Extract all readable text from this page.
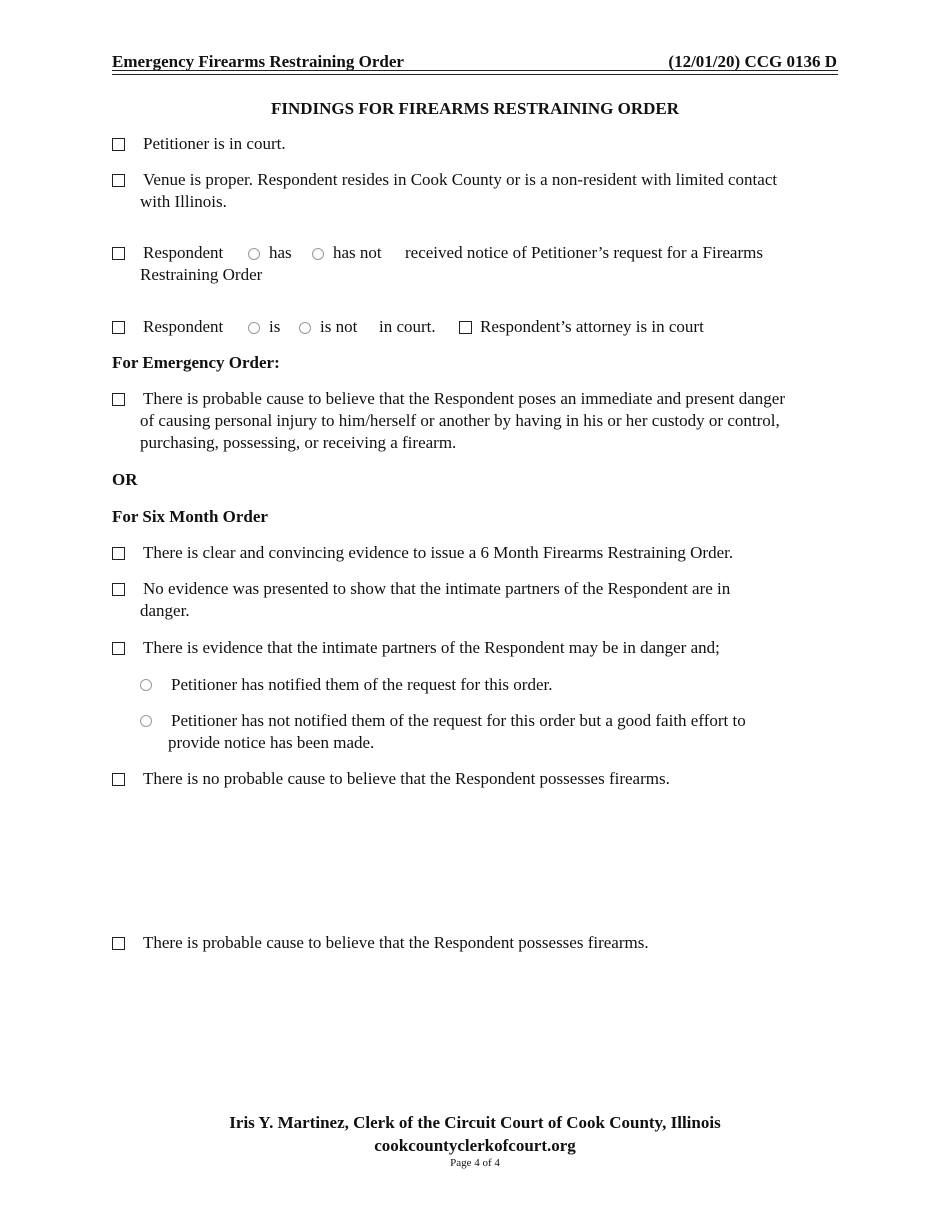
Emergency Firearms Restraining Order	(12/01/20) CCG 0136 D
FINDINGS FOR FIREARMS RESTRAINING ORDER
Petitioner is in court.
Venue is proper. Respondent resides in Cook County or is a non-resident with limited contact
with Illinois.
Respondent	has has not received notice of Petitioner’s request for a Firearms
Restraining Order
Respondent	is is not in court.	Respondent’s attorney is in court
For Emergency Order:
There is probable cause to believe that the Respondent poses an immediate and present danger
of causing personal injury to him/herself or another by having in his or her custody or control,
purchasing, possessing, or receiving a firearm.
OR
For Six Month Order
There is clear and convincing evidence to issue a 6 Month Firearms Restraining Order.
No evidence was presented to show that the intimate partners of the Respondent are in
danger.
There is evidence that the intimate partners of the Respondent may be in danger and;
Petitioner has notified them of the request for this order.
Petitioner has not notified them of the request for this order but a good faith effort to
provide notice has been made.
There is no probable cause to believe that the Respondent possesses firearms.
There is probable cause to believe that the Respondent possesses firearms.
Iris Y. Martinez, Clerk of the Circuit Court of Cook County, Illinois
cookcountyclerkofcourt.org
Page 4 of 4
